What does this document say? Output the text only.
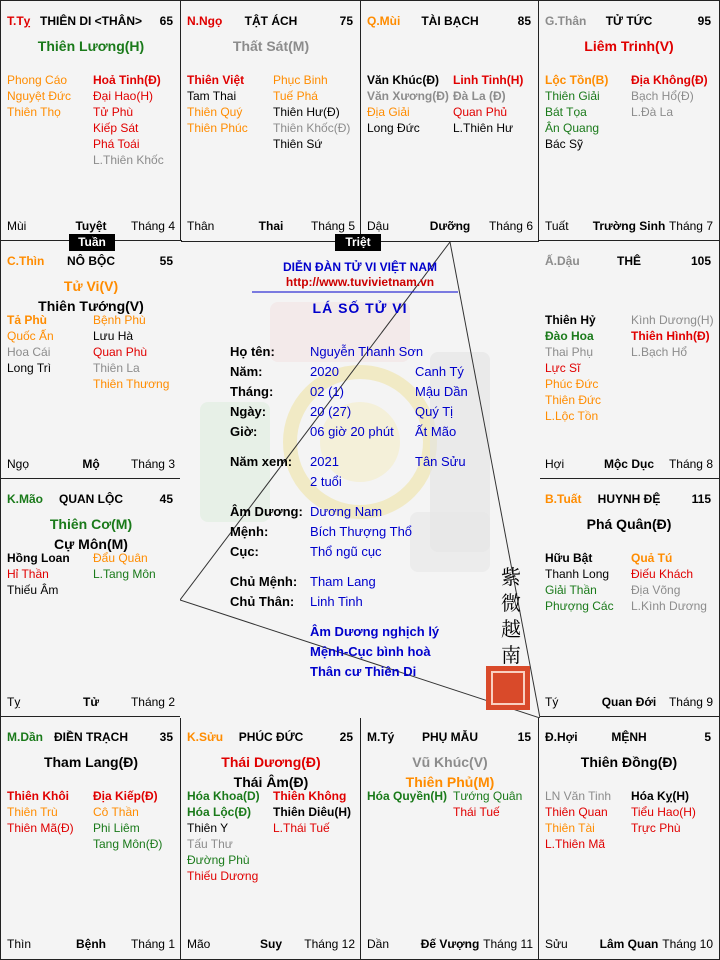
T.Tỵ THIÊN DI <THÂN>	65
Thiên Lương(H)
Phong Cáo
Nguyệt Đức
Thiên Thọ
Hoả Tinh(Đ)
Đại Hao(H)
Tử Phù
Kiếp Sát
Phá Toái
L.Thiên Khốc
Mùi	Tuyệt	Tháng 4
N.Ngọ	TẬT ÁCH	75
Thất Sát(M)
Thiên Việt
Tam Thai
Thiên Quý
Thiên Phúc
Phục Binh
Tuế Phá
Thiên Hư(Đ)
Thiên Khốc(Đ)
Thiên Sứ
Thân	Thai	Tháng 5
Q.Mùi	TÀI BẠCH	85
Văn Khúc(Đ)
Văn Xương(Đ)
Địa Giải
Long Đức
Linh Tinh(H)
Đà La (Đ)
Quan Phủ
L.Thiên Hư
Dậu	Dưỡng	Tháng 6
G.Thân	TỬ TỨC	95
Liêm Trinh(V)
Lộc Tồn(B)
Thiên Giải
Bát Tọa
Ân Quang
Bác Sỹ
Địa Không(Đ)
Bạch Hổ(Đ)
L.Đà La
Tuất	Trường Sinh Tháng 7
C.Thìn	NÔ BỘC	55
Tử Vi(V)
Thiên Tướng(V)
Tả Phù
Quốc Ấn
Hoa Cái
Long Trì
Bệnh Phù
Lưu Hà
Quan Phù
Thiên La
Thiên Thương
Ngọ	Mộ	Tháng 3
Ấ.Dậu	THÊ	105
Thiên Hỷ
Đào Hoa
Thai Phụ
Lực Sĩ
Phúc Đức
Thiên Đức
L.Lộc Tồn
Kình Dương(H)
Thiên Hình(Đ)
L.Bạch Hổ
Hợi	Mộc Dục	Tháng 8
K.Mão	QUAN LỘC	45
Thiên Cơ(M)
Cự Môn(M)
Hồng Loan
Hỉ Thần
Thiếu Âm
Đẩu Quân
L.Tang Môn
Tỵ	Tử	Tháng 2
B.Tuất	HUYNH ĐỆ	115
Phá Quân(Đ)
Hữu Bật
Thanh Long
Giải Thần
Phượng Các
Quả Tú
Điếu Khách
Địa Võng
L.Kình Dương
Tý	Quan Đới	Tháng 9
M.Dần ĐIỀN TRẠCH	35
Tham Lang(Đ)
Thiên Khôi
Thiên Trù
Thiên Mã(Đ)
Địa Kiếp(Đ)
Cô Thần
Phi Liêm
Tang Môn(Đ)
Thìn	Bệnh	Tháng 1
K.Sửu	PHÚC ĐỨC	25
Thái Dương(Đ)
Thái Âm(Đ)
Hóa Khoa(D)
Hóa Lộc(Đ)
Thiên Y
Tấu Thư
Đường Phù
Thiếu Dương
Thiên Không
Thiên Diêu(H)
L.Thái Tuế
Mão	Suy	Tháng 12
M.Tý	PHỤ MẪU	15
Vũ Khúc(V)
Thiên Phủ(M)
Hóa Quyền(H) Tướng Quân
Thái Tuế
Dần	Đế Vượng Tháng 11
Đ.Hợi	MỆNH	5
Thiên Đồng(Đ)
LN Văn Tinh
Thiên Quan
Thiên Tài
L.Thiên Mã
Hóa Kỵ(H)
Tiểu Hao(H)
Trực Phù
Sửu	Lâm Quan Tháng 10
DIỄN ĐÀN TỬ VI VIỆT NAM
http://www.tuvivietnam.vn
LÁ SỐ TỬ VI
Họ tên:	Nguyễn Thanh Sơn
Năm:	2020	Canh Tý
Tháng:	02 (1)	Mậu Dần
Ngày:	20 (27)	Quý Tị
Giờ:	06 giờ 20 phút Ất Mão
Năm xem: 2021	Tân Sửu
2 tuổi
Âm Dương: Dương Nam
Mệnh:	Bích Thượng Thổ
Cục:	Thổ ngũ cục
Chủ Mệnh: Tham Lang
Chủ Thân: Linh Tinh
Âm Dương nghịch lý
Mệnh-Cục bình hoà
Thân cư Thiên Di
紫
微
越
南
Tuần	Triệt
